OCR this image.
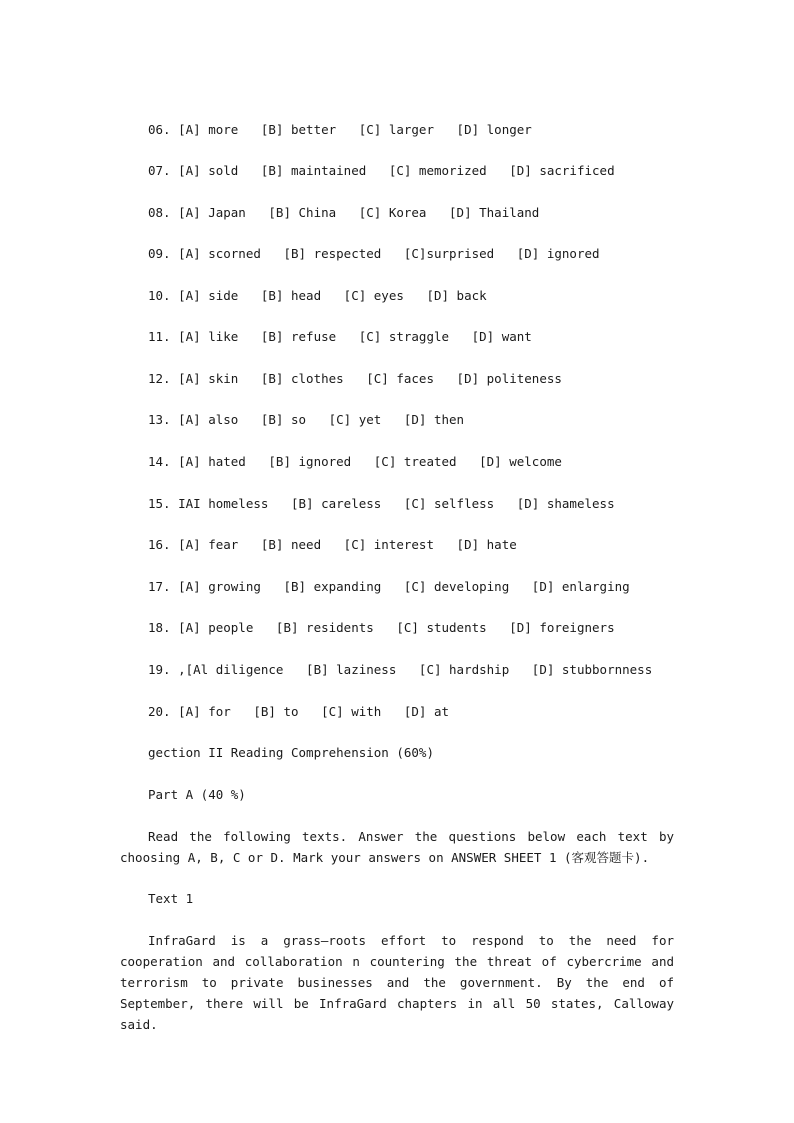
06. [A] more   [B] better   [C] larger   [D] longer
07. [A] sold   [B] maintained   [C] memorized   [D] sacrificed
08. [A] Japan   [B] China   [C] Korea   [D] Thailand
09. [A] scorned   [B] respected   [C]surprised   [D] ignored
10. [A] side   [B] head   [C] eyes   [D] back
11. [A] like   [B] refuse   [C] straggle   [D] want
12. [A] skin   [B] clothes   [C] faces   [D] politeness
13. [A] also   [B] so   [C] yet   [D] then
14. [A] hated   [B] ignored   [C] treated   [D] welcome
15. IAI homeless   [B] careless   [C] selfless   [D] shameless
16. [A] fear   [B] need   [C] interest   [D] hate
17. [A] growing   [B] expanding   [C] developing   [D] enlarging
18. [A] people   [B] residents   [C] students   [D] foreigners
19. ,[Al diligence   [B] laziness   [C] hardship   [D] stubbornness
20. [A] for   [B] to   [C] with   [D] at
gection II Reading Comprehension (60%)
Part A (40 %)
Read the following texts. Answer the questions below each text by choosing A, B, C or D. Mark your answers on ANSWER SHEET 1 (客观答题卡).
Text 1
InfraGard is a grass—roots effort to respond to the need for cooperation and collaboration n countering the threat of cybercrime and terrorism to private businesses and the government. By the end of September, there will be InfraGard chapters in all 50 states, Calloway said.
